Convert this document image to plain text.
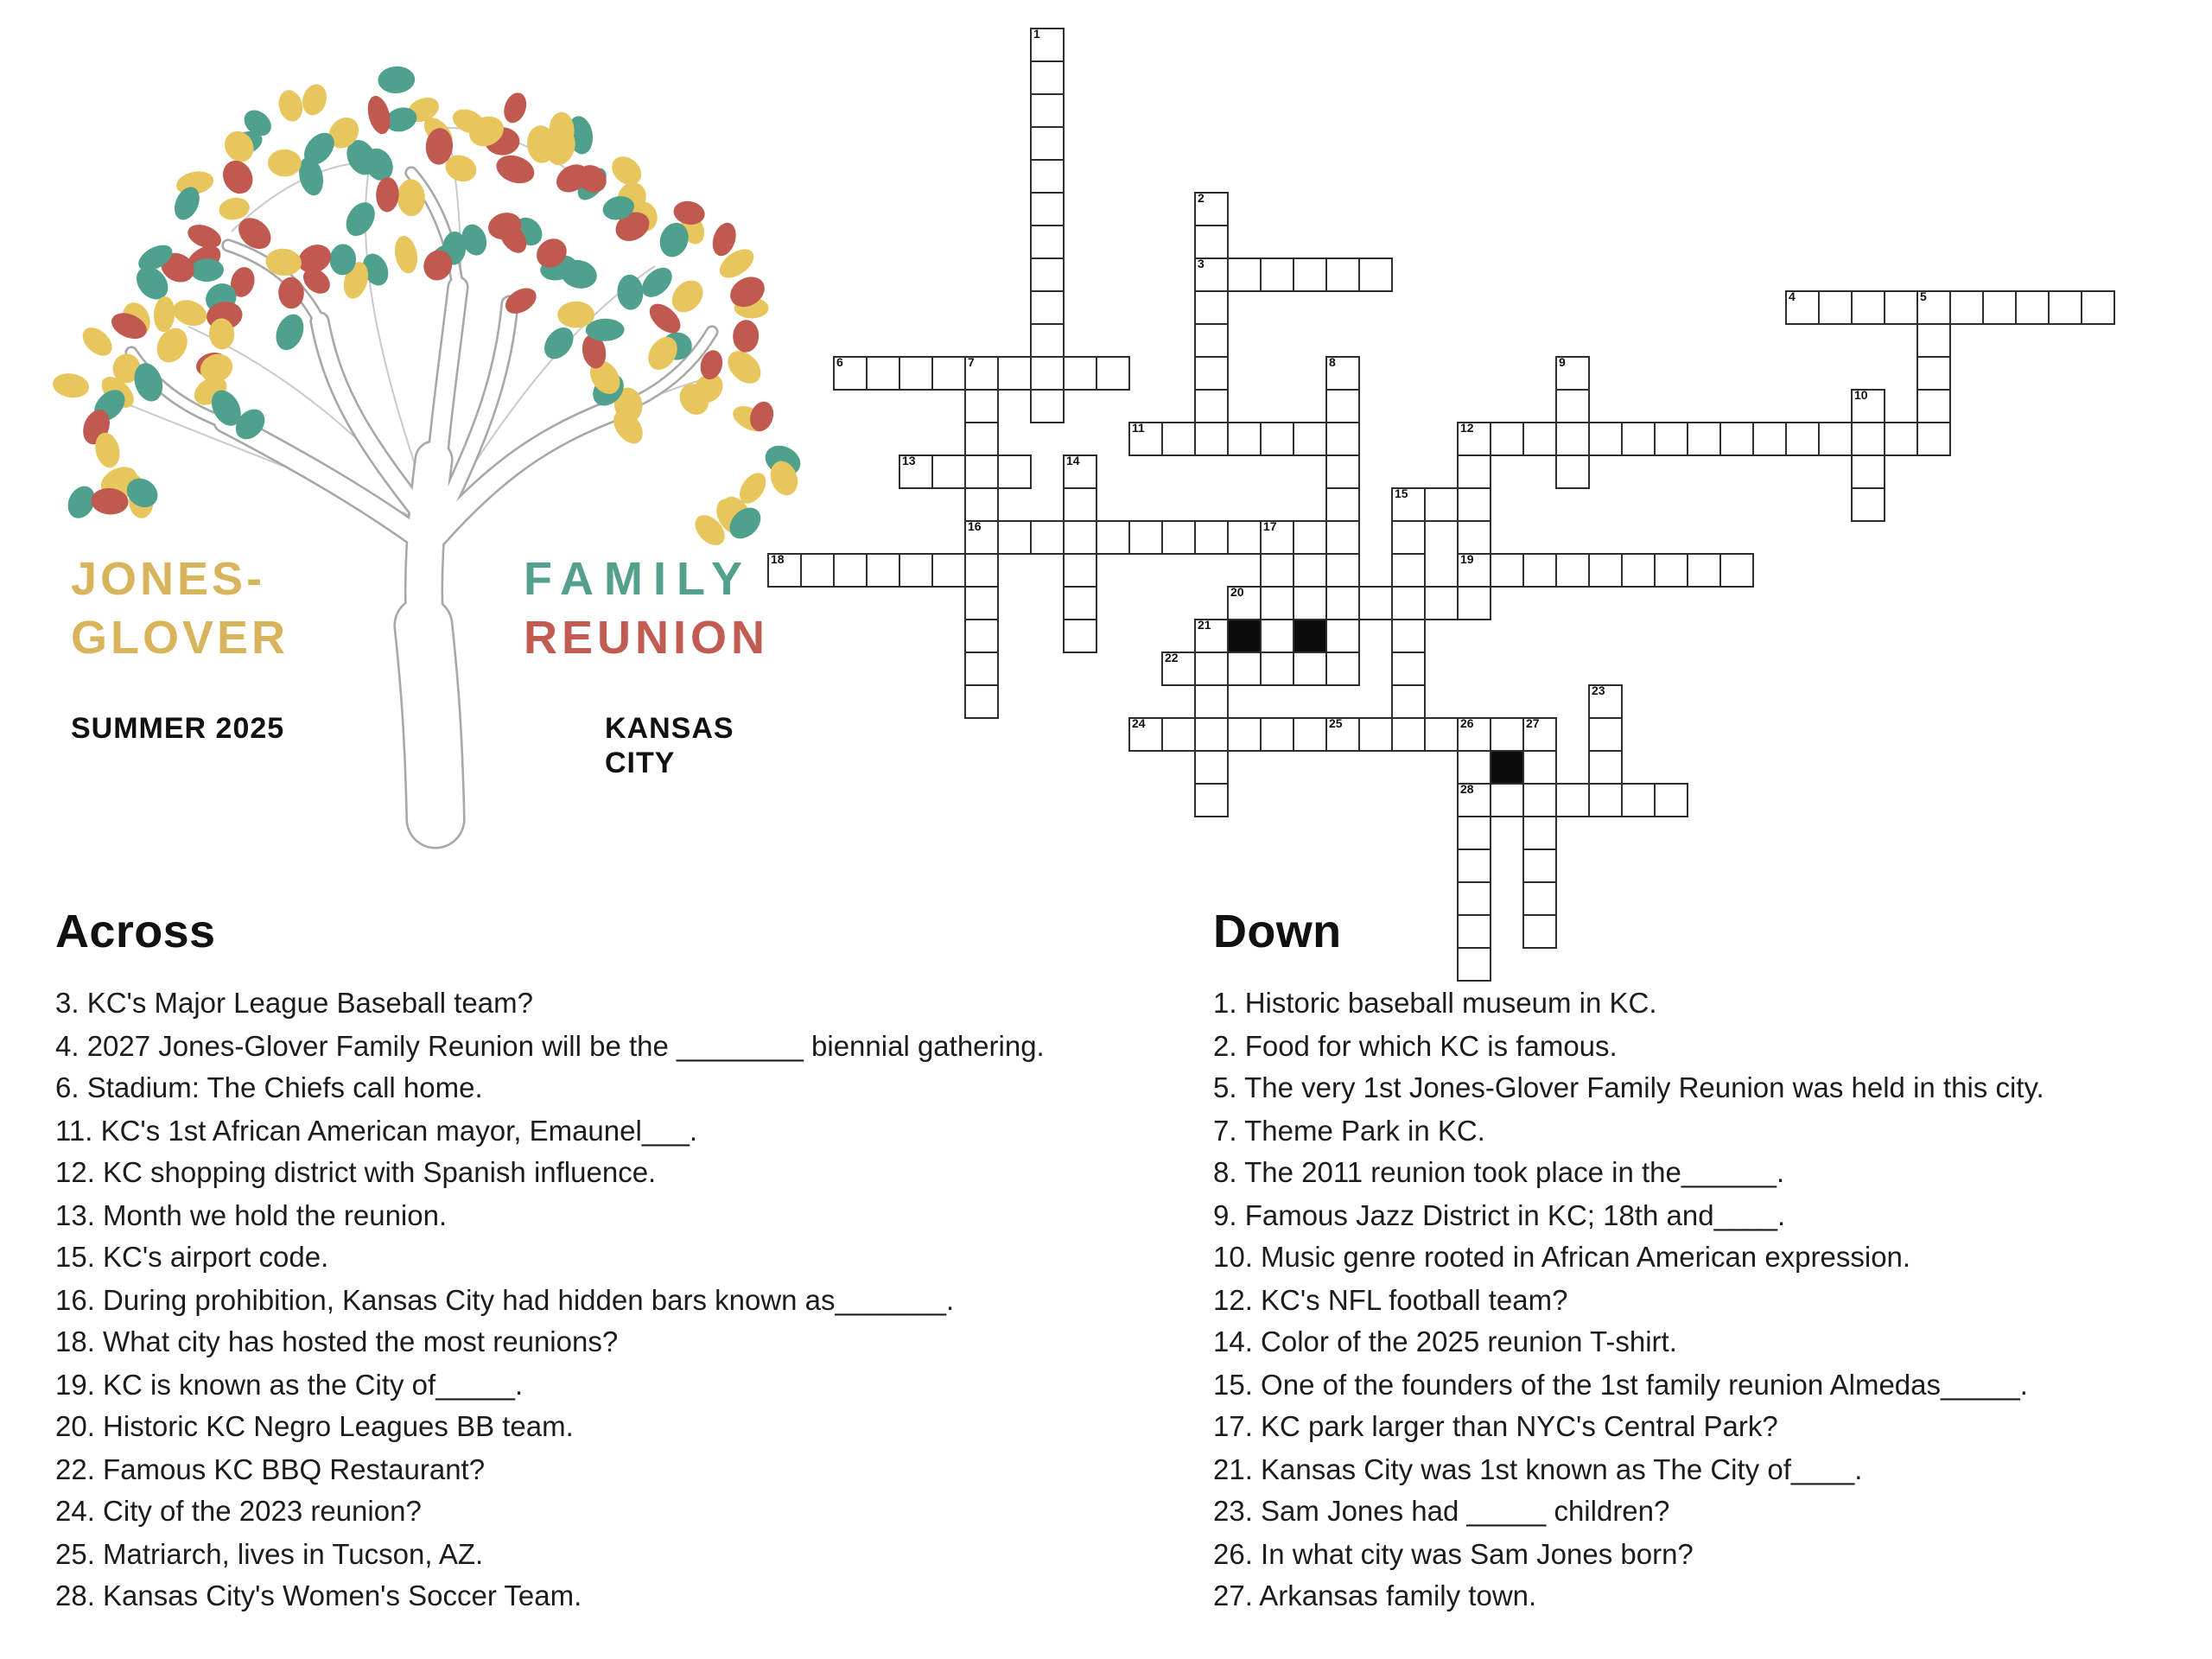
JONES-
GLOVER
FAMILY
REUNION
SUMMER 2025	KANSAS CITY
1
2
3
4	5
6	7
16
8	9
10
11	12
19
13	14
15
17
18
20
21
22
23
24	25	26	27
28
Across
3. KC's Major League Baseball team?
4. 2027 Jones-Glover Family Reunion will be the ________ biennial gathering.
6. Stadium: The Chiefs call home.
11. KC's 1st African American mayor, Emaunel___.
12. KC shopping district with Spanish influence.
13. Month we hold the reunion.
15. KC's airport code.
16. During prohibition, Kansas City had hidden bars known as_______.
18. What city has hosted the most reunions?
19. KC is known as the City of_____.
20. Historic KC Negro Leagues BB team.
22. Famous KC BBQ Restaurant?
24. City of the 2023 reunion?
25. Matriarch, lives in Tucson, AZ.
28. Kansas City's Women's Soccer Team.
Down
1. Historic baseball museum in KC.
2. Food for which KC is famous.
5. The very 1st Jones-Glover Family Reunion was held in this city.
7. Theme Park in KC.
8. The 2011 reunion took place in the______.
9. Famous Jazz District in KC; 18th and____.
10. Music genre rooted in African American expression.
12. KC's NFL football team?
14. Color of the 2025 reunion T-shirt.
15. One of the founders of the 1st family reunion Almedas_____.
17. KC park larger than NYC's Central Park?
21. Kansas City was 1st known as The City of____.
23. Sam Jones had _____ children?
26. In what city was Sam Jones born?
27. Arkansas family town.
